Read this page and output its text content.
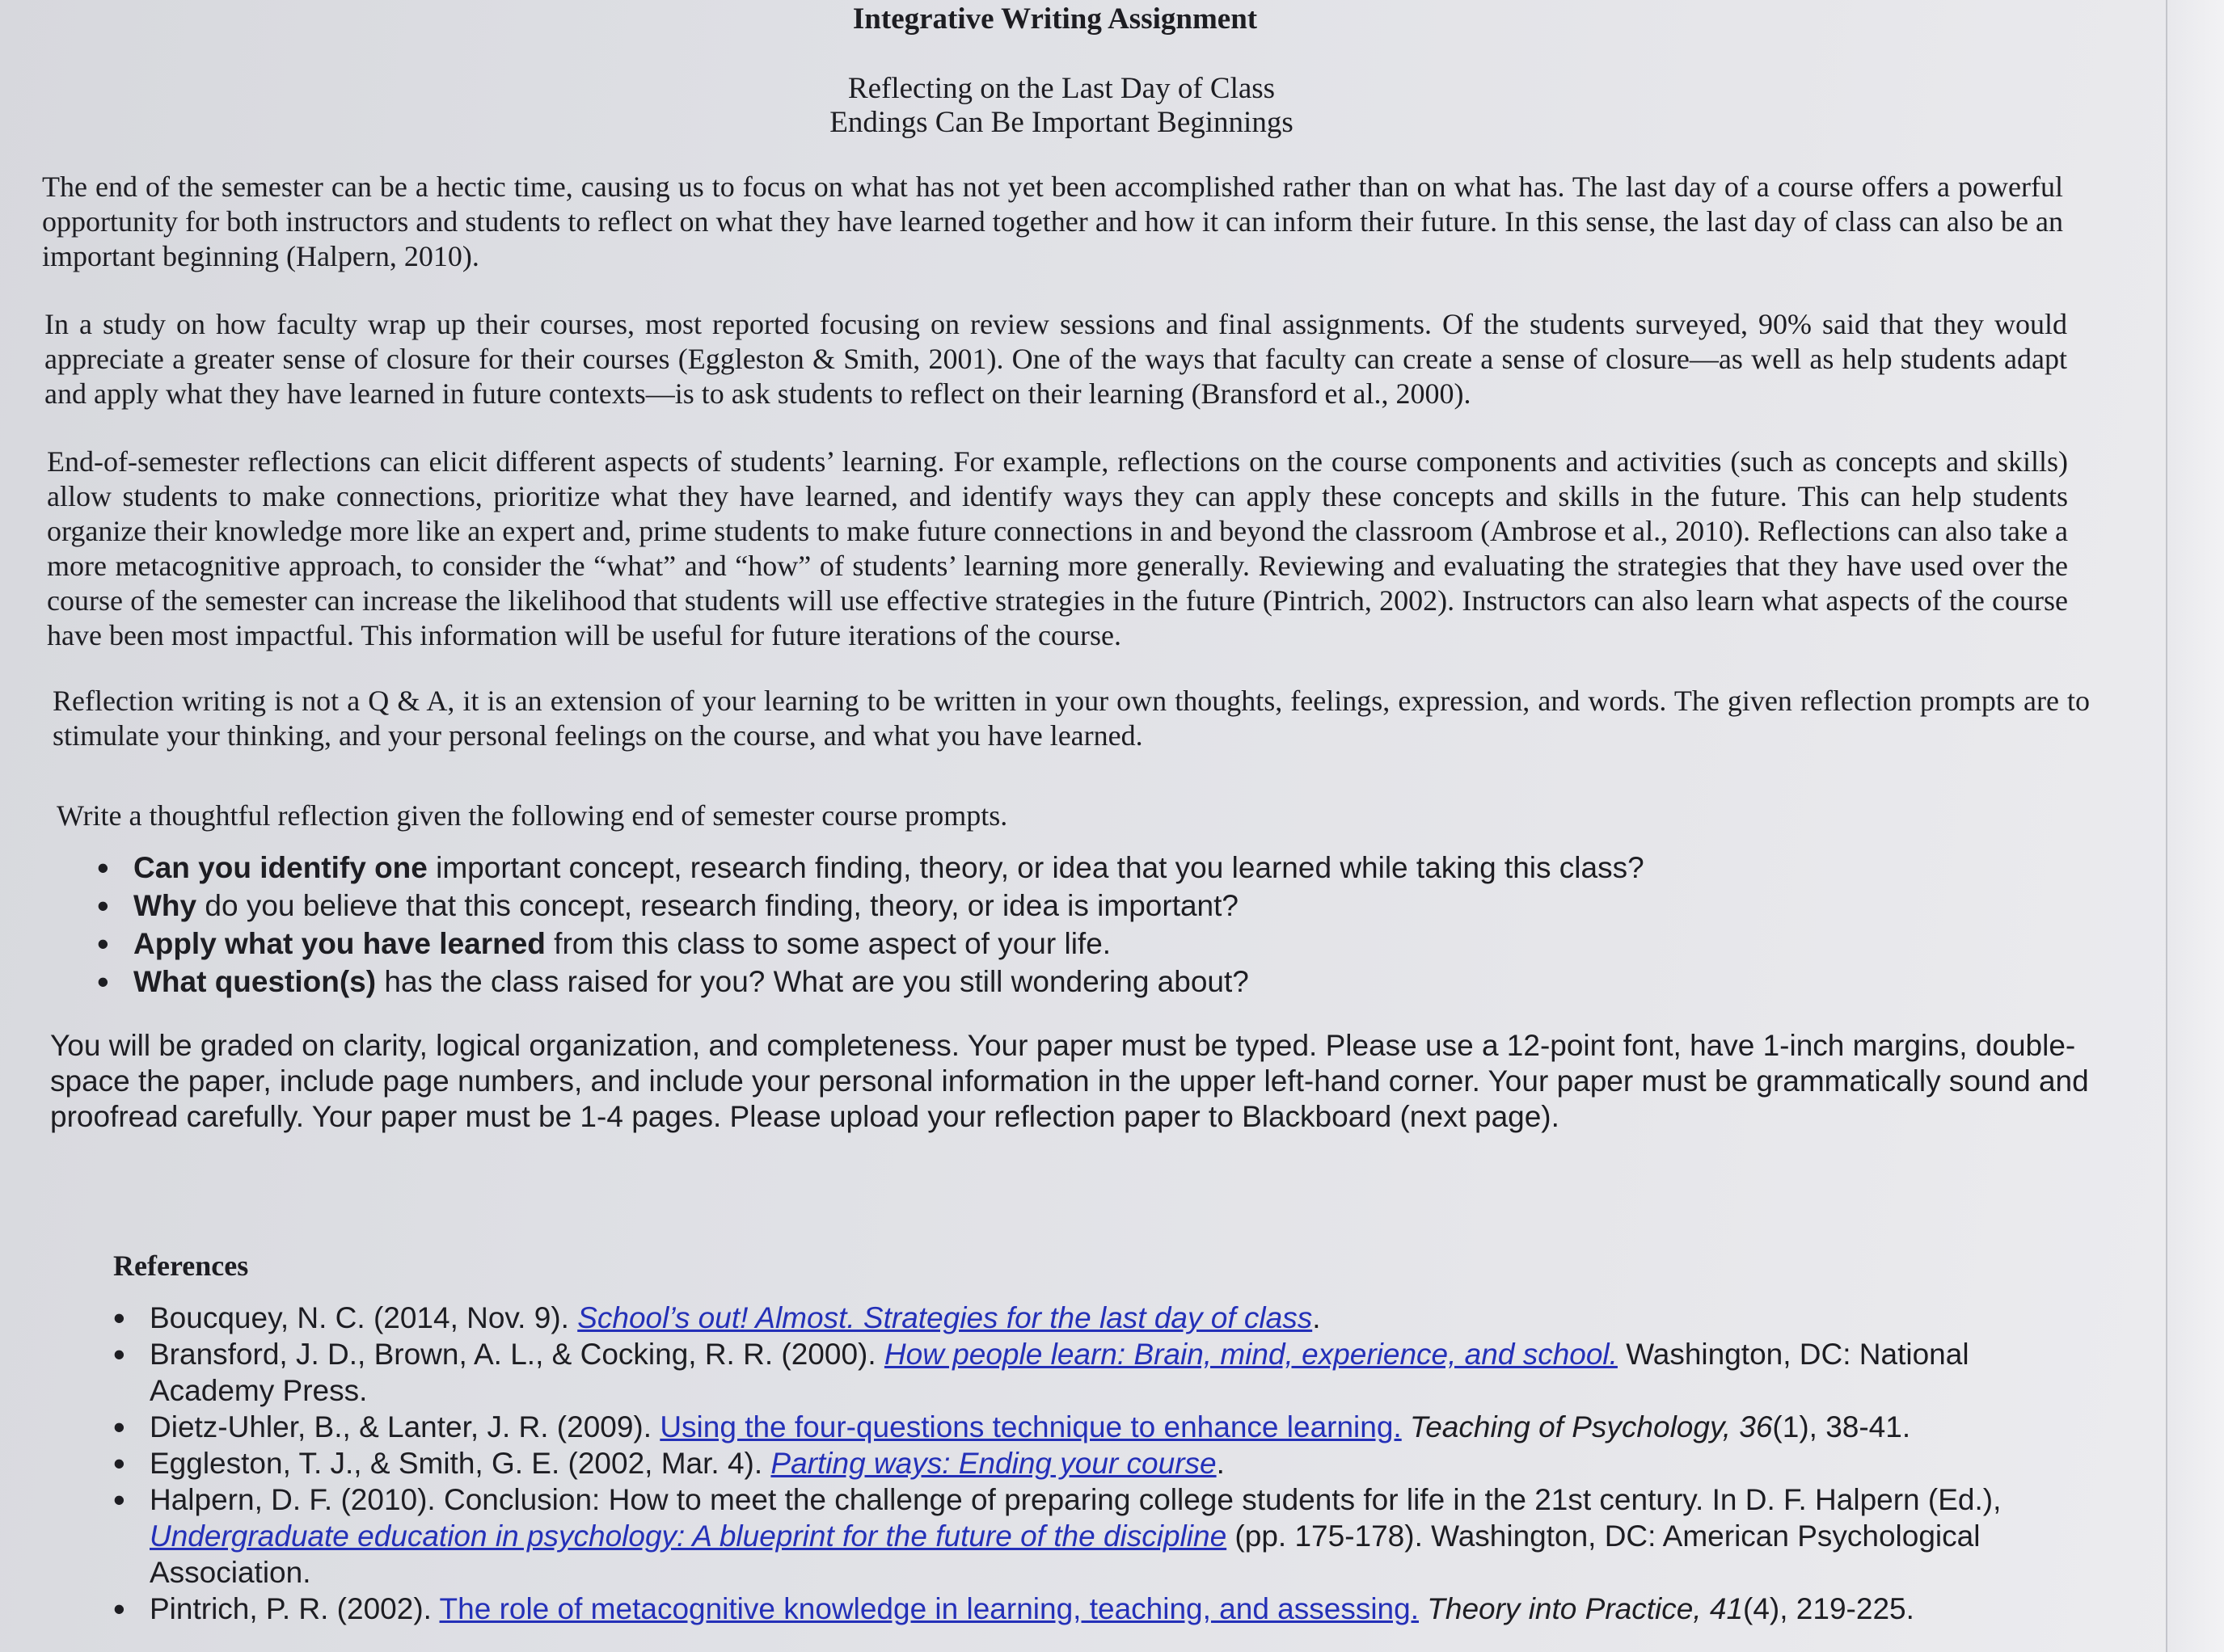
Integrative Writing Assignment
Reflecting on the Last Day of Class
Endings Can Be Important Beginnings

The end of the semester can be a hectic time, causing us to focus on what has not yet been accomplished rather than on what has. The last day of a course offers a powerful opportunity for both instructors and students to reflect on what they have learned together and how it can inform their future. In this sense, the last day of class can also be an important beginning (Halpern, 2010).

In a study on how faculty wrap up their courses, most reported focusing on review sessions and final assignments. Of the students surveyed, 90% said that they would appreciate a greater sense of closure for their courses (Eggleston & Smith, 2001). One of the ways that faculty can create a sense of closure—as well as help students adapt and apply what they have learned in future contexts—is to ask students to reflect on their learning (Bransford et al., 2000).

End-of-semester reflections can elicit different aspects of students’ learning. For example, reflections on the course components and activities (such as concepts and skills) allow students to make connections, prioritize what they have learned, and identify ways they can apply these concepts and skills in the future. This can help students organize their knowledge more like an expert and, prime students to make future connections in and beyond the classroom (Ambrose et al., 2010). Reflections can also take a more metacognitive approach, to consider the “what” and “how” of students’ learning more generally. Reviewing and evaluating the strategies that they have used over the course of the semester can increase the likelihood that students will use effective strategies in the future (Pintrich, 2002). Instructors can also learn what aspects of the course have been most impactful. This information will be useful for future iterations of the course.

Reflection writing is not a Q & A, it is an extension of your learning to be written in your own thoughts, feelings, expression, and words. The given reflection prompts are to stimulate your thinking, and your personal feelings on the course, and what you have learned.

Write a thoughtful reflection given the following end of semester course prompts.

• Can you identify one important concept, research finding, theory, or idea that you learned while taking this class?
• Why do you believe that this concept, research finding, theory, or idea is important?
• Apply what you have learned from this class to some aspect of your life.
• What question(s) has the class raised for you? What are you still wondering about?

You will be graded on clarity, logical organization, and completeness. Your paper must be typed. Please use a 12-point font, have 1-inch margins, double-space the paper, include page numbers, and include your personal information in the upper left-hand corner. Your paper must be grammatically sound and proofread carefully. Your paper must be 1-4 pages. Please upload your reflection paper to Blackboard (next page).

References
• Boucquey, N. C. (2014, Nov. 9). School’s out! Almost. Strategies for the last day of class.
• Bransford, J. D., Brown, A. L., & Cocking, R. R. (2000). How people learn: Brain, mind, experience, and school. Washington, DC: National Academy Press.
• Dietz-Uhler, B., & Lanter, J. R. (2009). Using the four-questions technique to enhance learning. Teaching of Psychology, 36(1), 38-41.
• Eggleston, T. J., & Smith, G. E. (2002, Mar. 4). Parting ways: Ending your course.
• Halpern, D. F. (2010). Conclusion: How to meet the challenge of preparing college students for life in the 21st century. In D. F. Halpern (Ed.), Undergraduate education in psychology: A blueprint for the future of the discipline (pp. 175-178). Washington, DC: American Psychological Association.
• Pintrich, P. R. (2002). The role of metacognitive knowledge in learning, teaching, and assessing. Theory into Practice, 41(4), 219-225.
